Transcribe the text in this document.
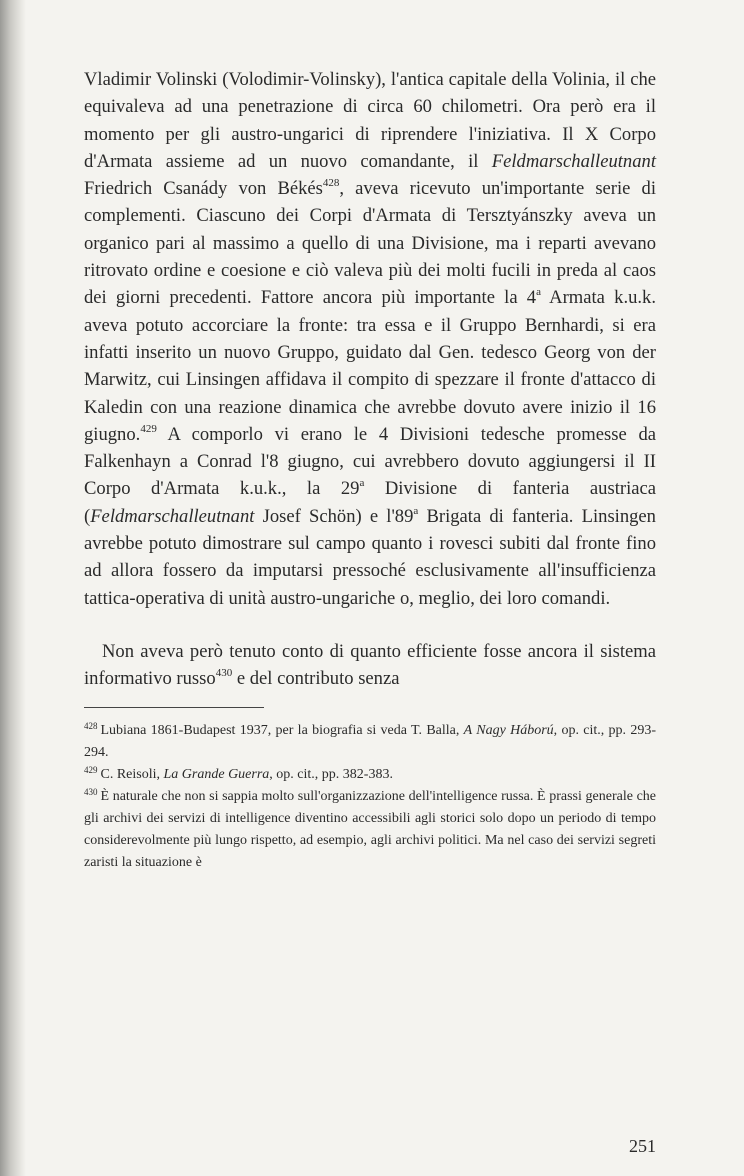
Vladimir Volinski (Volodimir-Volinsky), l'antica capitale della Volinia, il che equivaleva ad una penetrazione di circa 60 chilometri. Ora però era il momento per gli austro-ungarici di riprendere l'iniziativa. Il X Corpo d'Armata assieme ad un nuovo comandante, il Feldmarschalleutnant Friedrich Csanády von Békés$^{428}$, aveva ricevuto un'importante serie di complementi. Ciascuno dei Corpi d'Armata di Tersztyánszky aveva un organico pari al massimo a quello di una Divisione, ma i reparti avevano ritrovato ordine e coesione e ciò valeva più dei molti fucili in preda al caos dei giorni precedenti. Fattore ancora più importante la 4$^a$ Armata k.u.k. aveva potuto accorciare la fronte: tra essa e il Gruppo Bernhardi, si era infatti inserito un nuovo Gruppo, guidato dal Gen. tedesco Georg von der Marwitz, cui Linsingen affidava il compito di spezzare il fronte d'attacco di Kaledin con una reazione dinamica che avrebbe dovuto avere inizio il 16 giugno.$^{429}$ A comporlo vi erano le 4 Divisioni tedesche promesse da Falkenhayn a Conrad l'8 giugno, cui avrebbero dovuto aggiungersi il II Corpo d'Armata k.u.k., la 29$^a$ Divisione di fanteria austriaca (Feldmarschalleutnant Josef Schön) e l'89$^a$ Brigata di fanteria. Linsingen avrebbe potuto dimostrare sul campo quanto i rovesci subiti dal fronte fino ad allora fossero da imputarsi pressoché esclusivamente all'insufficienza tattica-operativa di unità austro-ungariche o, meglio, dei loro comandi.

Non aveva però tenuto conto di quanto efficiente fosse ancora il sistema informativo russo$^{430}$ e del contributo senza

$^{428}$ Lubiana 1861-Budapest 1937, per la biografia si veda T. Balla, A Nagy Háború, op. cit., pp. 293-294.

$^{429}$ C. Reisoli, La Grande Guerra, op. cit., pp. 382-383.

$^{430}$ È naturale che non si sappia molto sull'organizzazione dell'intelligence russa. È prassi generale che gli archivi dei servizi di intelligence diventino accessibili agli storici solo dopo un periodo di tempo considerevolmente più lungo rispetto, ad esempio, agli archivi politici. Ma nel caso dei servizi segreti zaristi la situazione è

251
